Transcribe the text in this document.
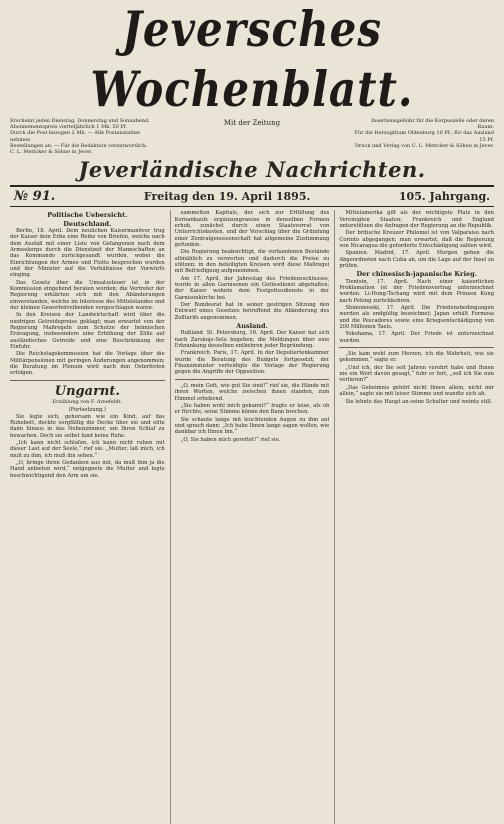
Jeversches Wochenblatt.
Erscheint jeden Dienstag, Donnerstag und Sonnabend.
Abonnementspreis vierteljährlich 1 Mk. 50 Pf.
Durch die Post bezogen 2 Mk. — Alle Postanstalten nehmen
Bestellungen an. — Für die Redaktion verantwortlich:
C. L. Mettcker & Söhne in Jever.
Mit der Zeitung	Insertionsgebühr für die Korpuszeile oder deren Raum:
Für die Herzogthum Oldenburg 10 Pf., für das Ausland 15 Pf.
Druck und Verlag von C. L. Mettcker & Söhne in Jever.
Jeverländische Nachrichten.
№ 91.	Freitag den 19. April 1895.	105. Jahrgang.
Politische Uebersicht.
Deutschland.

Berlin, 18. April. Dem neulichen Kaisermanöver trug der Kaiser dem Erbe eine Reihe von Briefen, welche nach dem Ausfall mit einer Liste von Gefangenen nach dem Armeekorps durch die Dienstzeit der Mannschaften an das Kommando zurückgesandt wurden, wobei die Einrichtungen der Armee und Flotte besprochen wurden und der Minister auf die Verhältnisse der Vorwürfe einging.

Das Gesetz über die Umsatzsteuer ist in der Kommission eingehend beraten worden; die Vertreter der Regierung erklärten sich mit den Abänderungen einverstanden, welche im Interesse des Mittelstandes und der kleinen Gewerbetreibenden vorgeschlagen waren.

In den Kreisen der Landwirtschaft wird über die niedrigen Getreidepreise geklagt; man erwartet von der Regierung Maßregeln zum Schutze der heimischen Erzeugung, insbesondere eine Erhöhung der Zölle auf ausländisches Getreide und eine Beschränkung der Einfuhr.

Die Reichstagskommission hat die Vorlage über die Militärpensionen mit geringen Änderungen angenommen; die Beratung im Plenum wird nach den Osterferien erfolgen.

Ungarnt.
Erzählung von F. Arnefeldt.
(Fortsetzung.)

Sie legte sich, gehorsam wie ein Kind, auf das Ruhebett, deckte sorgfältig die Decke über sie und eilte dann hinaus in das Nebenzimmer, um Ihren Schlaf zu bewachen. Doch sie selbst fand keine Ruhe.

„Ich kann nicht schlafen, ich kann nicht ruhen mit dieser Last auf der Seele,“ rief sie. „Mutter, laß mich, ich muß zu ihm, ich muß ihn sehen.“

„O, bringe ihren Gedanken aus mit, da muß ihm ja die Hand anbieten wird,“ entgegnete die Mutter und legte beschwichtigend den Arm um sie.

sammelten Kapitals, der sich zur Erfüllung des Kornankaufs ergänzungsweise in denselben Formen erhob, zunächst durch einen Staatsvorrat von Unterrichtskosten, und der Vorschlag über die Gründung einer Zentralgenossenschaft hat allgemeine Zustimmung gefunden.

Die Regierung beabsichtigt, die vorhandenen Bestände allmählich zu verwerten und dadurch die Preise zu stützen; in den beteiligten Kreisen wird diese Maßregel mit Befriedigung aufgenommen.

Am 17. April, der Jahrestag des Friedensschlusses, wurde in allen Garnisonen ein Gottesdienst abgehalten; der Kaiser wohnte dem Festgottesdienste in der Garnisonkirche bei.

Der Bundesrat hat in seiner gestrigen Sitzung den Entwurf eines Gesetzes betreffend die Abänderung des Zolltarifs angenommen.

Ausland.

Rußland. St. Petersburg, 16. April. Der Kaiser hat sich nach Zarskoje-Selo begeben; die Meldungen über eine Erkrankung desselben entbehren jeder Begründung.

Frankreich. Paris, 17. April. In der Deputiertenkammer wurde die Beratung des Budgets fortgesetzt; der Finanzminister verteidigte die Vorlage der Regierung gegen die Angriffe der Opposition.

„O, mein Gott, wie gut Sie sind!“ rief sie, die Hände mit ihren Worten, welche zwischen ihnen standen, zum Himmel erhebend.

„Sie haben wohl mich gekannt?“ fragte er leise, als ob er fürchte, seine Stimme könne den Bann brechen.

Sie schaute lange mit leuchtenden Augen zu ihm auf und sprach dann: „Ich habe Ihnen lange sagen wollen, wie dankbar ich Ihnen bin.“

„O, Sie haben mich gerettet!“ rief sie.

Mittelamerika gilt als der wichtigste Platz in den Vereinigten Staaten; Frankreich und England unterstützen die Anfragen der Regierung an die Republik.

Der britische Kreuzer Philomel ist von Valparaiso nach Corinto abgegangen; man erwartet, daß die Regierung von Nicaragua die geforderte Entschädigung zahlen wird.

Spanien. Madrid, 17. April. Morgen gehen die Abgeordneten nach Cuba ab, um die Lage auf der Insel zu prüfen.

Der chinesisch-japanische Krieg.

Tientsin, 17. April. Nach einer kaiserlichen Proklamation ist der Friedensvertrag unterzeichnet worden. Li-Hung-Tschang wird mit dem Prinzen Kung nach Peking zurückkehren.

Shimonoseki, 17. April. Die Friedensbedingungen werden als endgültig bezeichnet; Japan erhält Formosa und die Pescadores sowie eine Kriegsentschädigung von 200 Millionen Taels.

Yokohama, 17. April. Der Friede ist unterzeichnet worden.

„Sie kam wohl zum Herzen, ich die Wahrheit, wie sie gekommen,“ sagte er.

„Und ich, der Sie seit Jahren verehrt habe und Ihnen nie ein Wort davon gesagt,“ fuhr er fort, „soll ich Sie nun verlieren?“

„Das Geheimnis gehört nicht Ihnen allein, nicht mir allein,“ sagte sie mit leiser Stimme und wandte sich ab.

Sie lehnte das Haupt an seine Schulter und weinte still.
